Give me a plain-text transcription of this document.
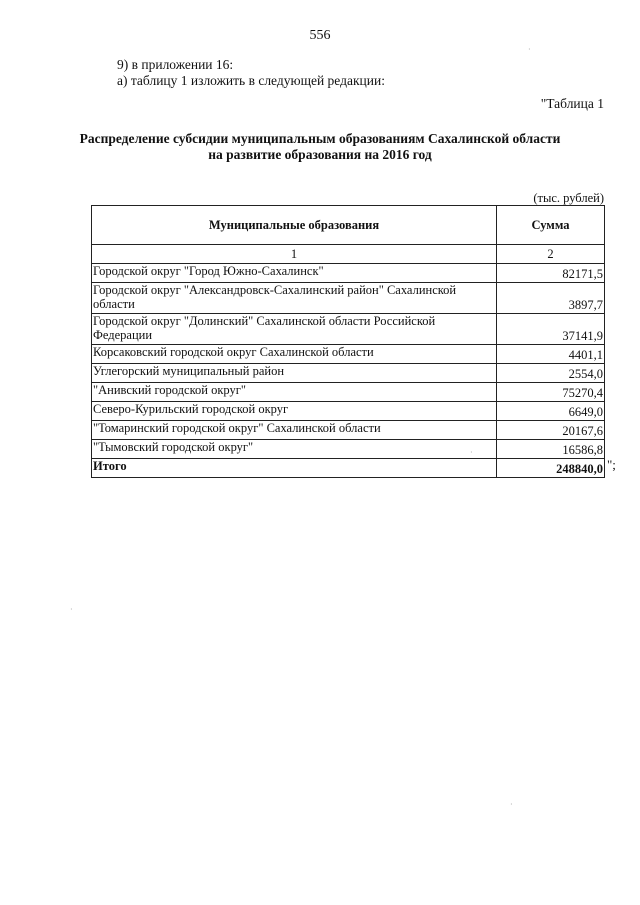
556
9) в приложении 16:
а) таблицу 1 изложить в следующей редакции:
"Таблица 1
Распределение субсидии муниципальным образованиям Сахалинской области
на развитие образования на 2016 год
(тыс. рублей)
Муниципальные образования	Сумма
1	2
Городской округ "Город Южно-Сахалинск"	82171,5
Городской округ "Александровск-Сахалинский район" Сахалинской области	3897,7
Городской округ "Долинский" Сахалинской области Российской Федерации	37141,9
Корсаковский городской округ Сахалинской области	4401,1
Углегорский муниципальный район	2554,0
"Анивский городской округ"	75270,4
Северо-Курильский городской округ	6649,0
"Томаринский городской округ" Сахалинской области	20167,6
"Тымовский городской округ"	16586,8
Итого	248840,0 ";
·
·
·
·
